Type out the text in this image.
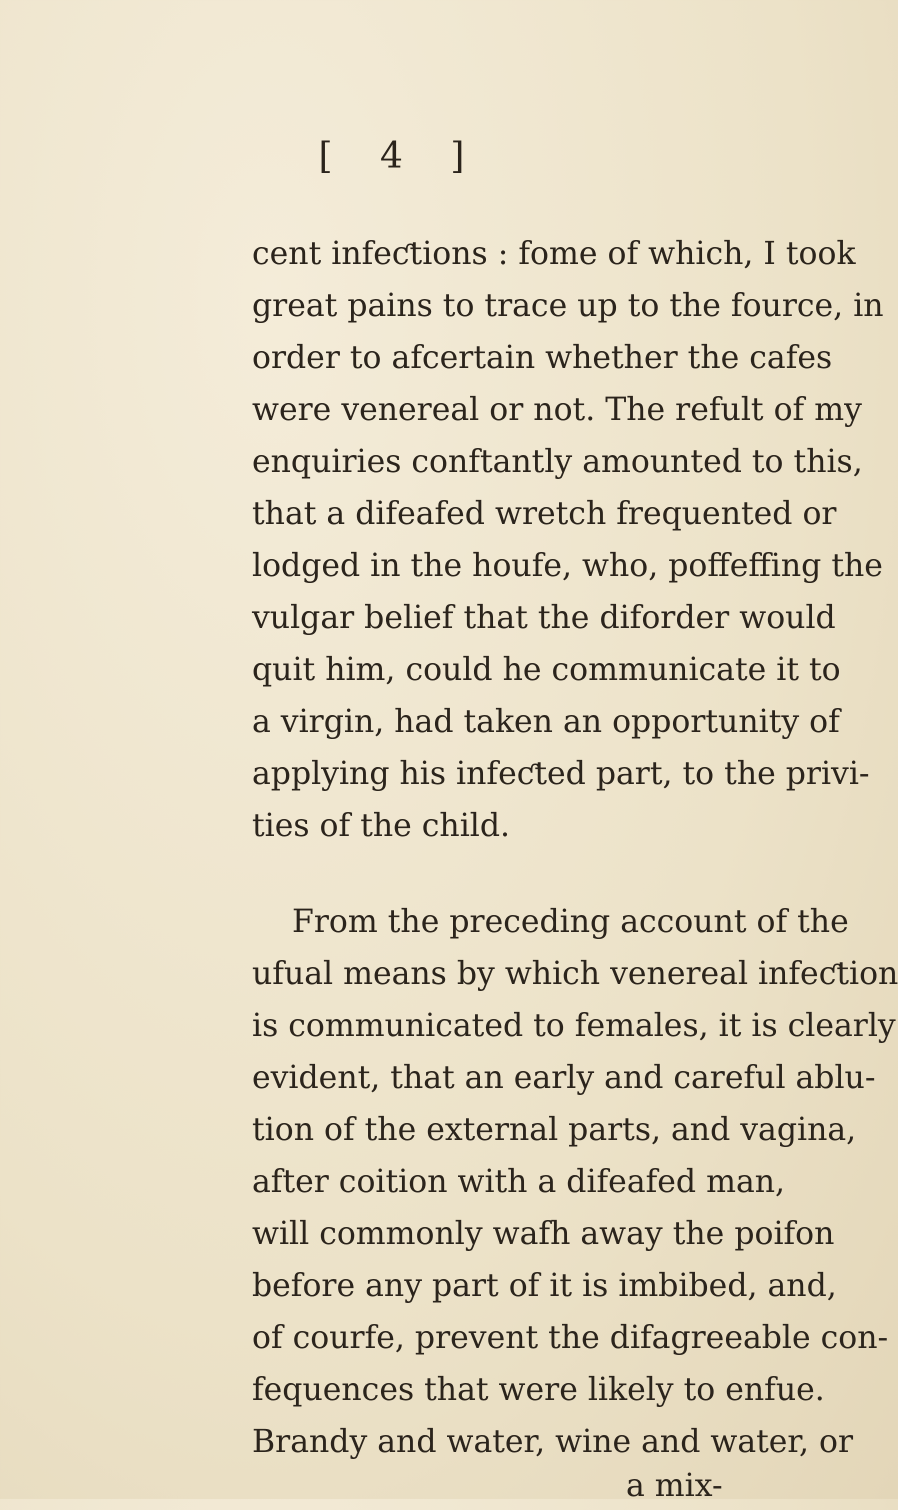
[ 4 ]
cent infeƈtions : fome of which, I took
great pains to trace up to the fource, in
order to afcertain whether the cafes
were venereal or not. The refult of my
enquiries conftantly amounted to this,
that a difeafed wretch frequented or
lodged in the houfe, who, poffeffing the
vulgar belief that the diforder would
quit him, could he communicate it to
a virgin, had taken an opportunity of
applying his infeƈted part, to the privi-
ties of the child.
From the preceding account of the
ufual means by which venereal infeƈtion
is communicated to females, it is clearly
evident, that an early and careful ablu-
tion of the external parts, and vagina,
after coition with a difeafed man,
will commonly wafh away the poifon
before any part of it is imbibed, and,
of courfe, prevent the difagreeable con-
fequences that were likely to enfue.
Brandy and water, wine and water, or
a mix-
